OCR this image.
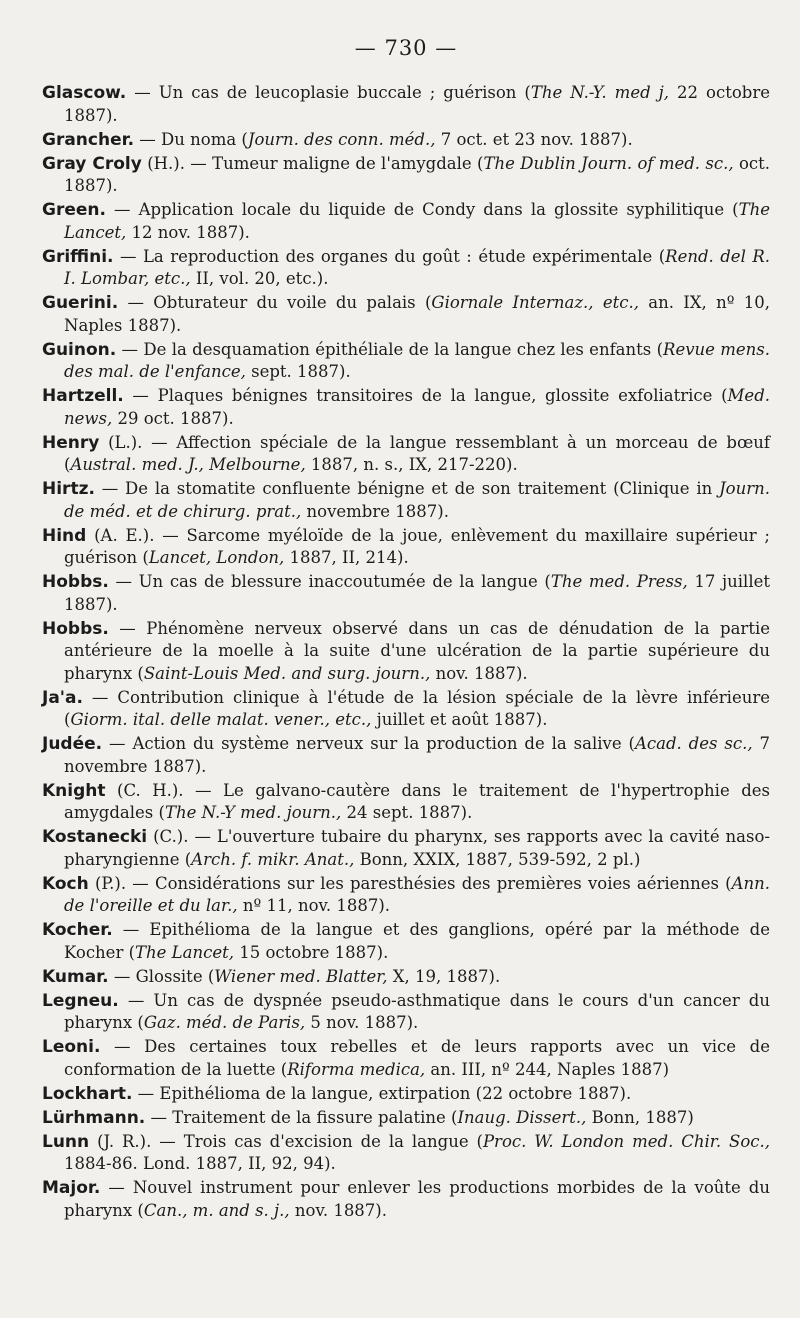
— 730 —
Glascow. — Un cas de leucoplasie buccale ; guérison (The N.-Y. med j, 22 octobre 1887).
Grancher. — Du noma (Journ. des conn. méd., 7 oct. et 23 nov. 1887).
Gray Croly (H.). — Tumeur maligne de l'amygdale (The Dublin Journ. of med. sc., oct. 1887).
Green. — Application locale du liquide de Condy dans la glossite syphilitique (The Lancet, 12 nov. 1887).
Griffini. — La reproduction des organes du goût : étude expérimentale (Rend. del R. I. Lombar, etc., II, vol. 20, etc.).
Guerini. — Obturateur du voile du palais (Giornale Internaz., etc., an. IX, nº 10, Naples 1887).
Guinon. — De la desquamation épithéliale de la langue chez les enfants (Revue mens. des mal. de l'enfance, sept. 1887).
Hartzell. — Plaques bénignes transitoires de la langue, glossite exfoliatrice (Med. news, 29 oct. 1887).
Henry (L.). — Affection spéciale de la langue ressemblant à un morceau de bœuf (Austral. med. J., Melbourne, 1887, n. s., IX, 217-220).
Hirtz. — De la stomatite confluente bénigne et de son traitement (Clinique in Journ. de méd. et de chirurg. prat., novembre 1887).
Hind (A. E.). — Sarcome myéloïde de la joue, enlèvement du maxillaire supérieur ; guérison (Lancet, London, 1887, II, 214).
Hobbs. — Un cas de blessure inaccoutumée de la langue (The med. Press, 17 juillet 1887).
Hobbs. — Phénomène nerveux observé dans un cas de dénudation de la partie antérieure de la moelle à la suite d'une ulcération de la partie supérieure du pharynx (Saint-Louis Med. and surg. journ., nov. 1887).
Ja'a. — Contribution clinique à l'étude de la lésion spéciale de la lèvre inférieure (Giorm. ital. delle malat. vener., etc., juillet et août 1887).
Judée. — Action du système nerveux sur la production de la salive (Acad. des sc., 7 novembre 1887).
Knight (C. H.). — Le galvano-cautère dans le traitement de l'hypertrophie des amygdales (The N.-Y med. journ., 24 sept. 1887).
Kostanecki (C.). — L'ouverture tubaire du pharynx, ses rapports avec la cavité naso-pharyngienne (Arch. f. mikr. Anat., Bonn, XXIX, 1887, 539-592, 2 pl.)
Koch (P.). — Considérations sur les paresthésies des premières voies aériennes (Ann. de l'oreille et du lar., nº 11, nov. 1887).
Kocher. — Epithélioma de la langue et des ganglions, opéré par la méthode de Kocher (The Lancet, 15 octobre 1887).
Kumar. — Glossite (Wiener med. Blatter, X, 19, 1887).
Legneu. — Un cas de dyspnée pseudo-asthmatique dans le cours d'un cancer du pharynx (Gaz. méd. de Paris, 5 nov. 1887).
Leoni. — Des certaines toux rebelles et de leurs rapports avec un vice de conformation de la luette (Riforma medica, an. III, nº 244, Naples 1887)
Lockhart. — Epithélioma de la langue, extirpation (22 octobre 1887).
Lürhmann. — Traitement de la fissure palatine (Inaug. Dissert., Bonn, 1887)
Lunn (J. R.). — Trois cas d'excision de la langue (Proc. W. London med. Chir. Soc., 1884-86. Lond. 1887, II, 92, 94).
Major. — Nouvel instrument pour enlever les productions morbides de la voûte du pharynx (Can., m. and s. j., nov. 1887).
